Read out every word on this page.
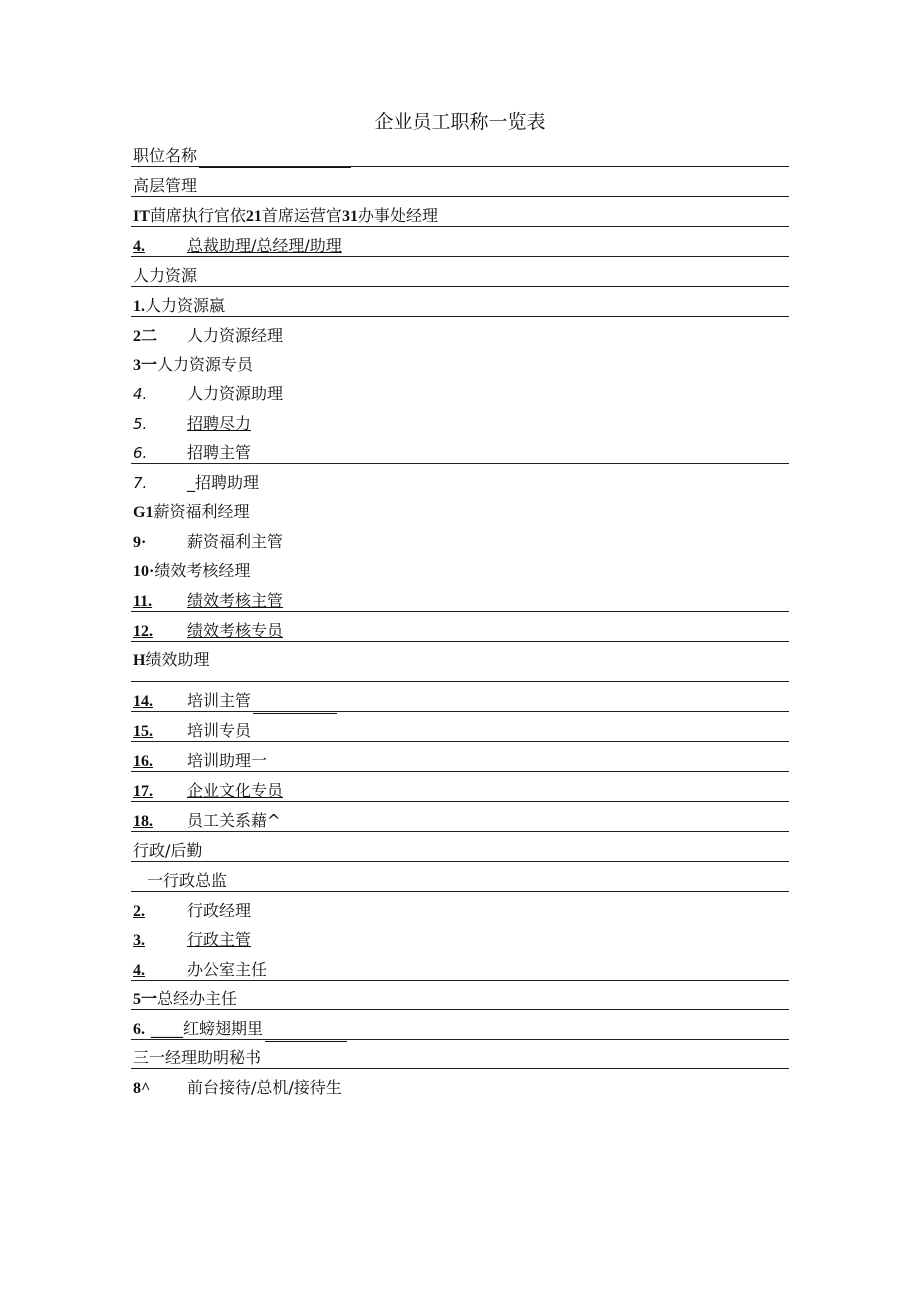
企业员工职称一览表
职位名称
高层管理
IT茴席执行官依21首席运营官31办事处经理
4.	总裁助理/总经理/助理
人力资源
1.人力资源嬴
2二 人力资源经理
3一人力资源专员
4. 人力资源助理
5. 招聘尽力
6. 招聘主管
7. _招聘助理
G1薪资福利经理
9·	薪资福利主管
10·绩效考核经理
11. 绩效考核主管
12. 绩效考核专员
H绩效助理
14. 培训主管
15. 培训专员
16. 培训助理一
17. 企业文化专员
18. 员工关系藉^
行政/后勤
一行政总监
2.	行政经理
3.	行政主管
4.	办公室主任
5一总经办主任
6. ____红螃翅期里
三一经理助明秘书
8^ 前台接待/总机/接待生
